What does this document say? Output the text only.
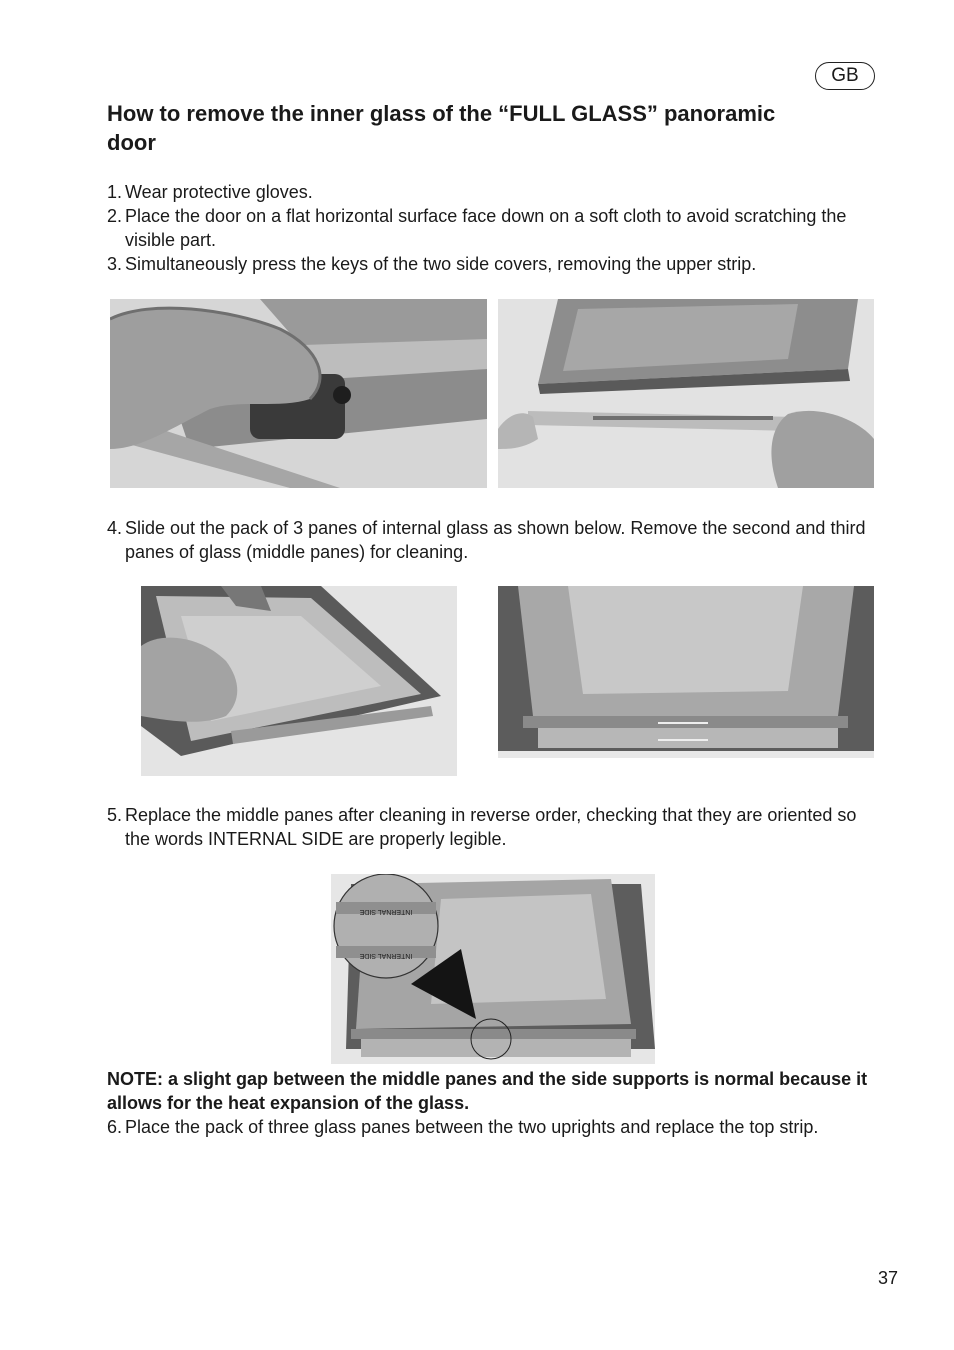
GB
How to remove the inner glass of the “FULL GLASS” panoramic door
1. Wear protective gloves.
2. Place the door on a flat horizontal surface face down on a soft cloth to avoid scratching the visible part.
3. Simultaneously press the keys of the two side covers, removing the upper strip.
4. Slide out the pack of 3 panes of internal glass as shown below. Remove the second and third panes of glass (middle panes) for cleaning.
5. Replace the middle panes after cleaning in reverse order, checking that they are oriented so the words INTERNAL SIDE are properly legible.
INTERNAL SIDE
INTERNAL SIDE

NOTE: a slight gap between the middle panes and the side supports is normal because it allows for the heat expansion of the glass.

6. Place the pack of three glass panes between the two uprights and replace the top strip.
37
